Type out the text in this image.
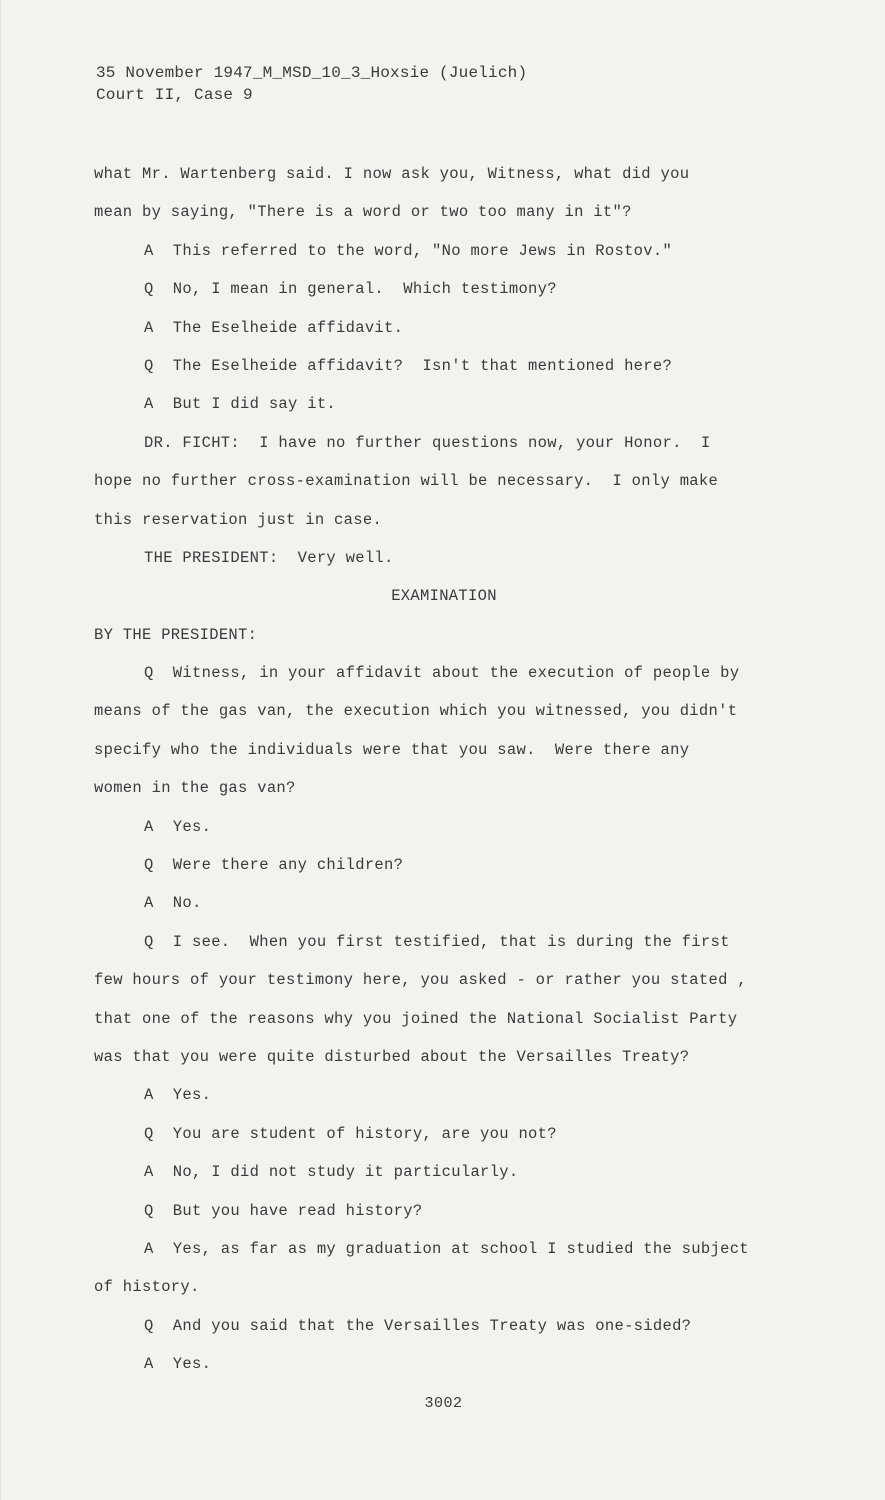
35 November 1947_M_MSD_10_3_Hoxsie (Juelich)
Court II, Case 9
what Mr. Wartenberg said. I now ask you, Witness, what did you
mean by saying, "There is a word or two too many in it"?
A  This referred to the word, "No more Jews in Rostov."
Q  No, I mean in general.  Which testimony?
A  The Eselheide affidavit.
Q  The Eselheide affidavit?  Isn't that mentioned here?
A  But I did say it.
DR. FICHT:  I have no further questions now, your Honor.  I
hope no further cross-examination will be necessary.  I only make
this reservation just in case.
THE PRESIDENT:  Very well.
EXAMINATION
BY THE PRESIDENT:
Q  Witness, in your affidavit about the execution of people by
means of the gas van, the execution which you witnessed, you didn't
specify who the individuals were that you saw.  Were there any
women in the gas van?
A  Yes.
Q  Were there any children?
A  No.
Q  I see.  When you first testified, that is during the first
few hours of your testimony here, you asked - or rather you stated ,
that one of the reasons why you joined the National Socialist Party
was that you were quite disturbed about the Versailles Treaty?
A  Yes.
Q  You are student of history, are you not?
A  No, I did not study it particularly.
Q  But you have read history?
A  Yes, as far as my graduation at school I studied the subject
of history.
Q  And you said that the Versailles Treaty was one-sided?
A  Yes.
3002
